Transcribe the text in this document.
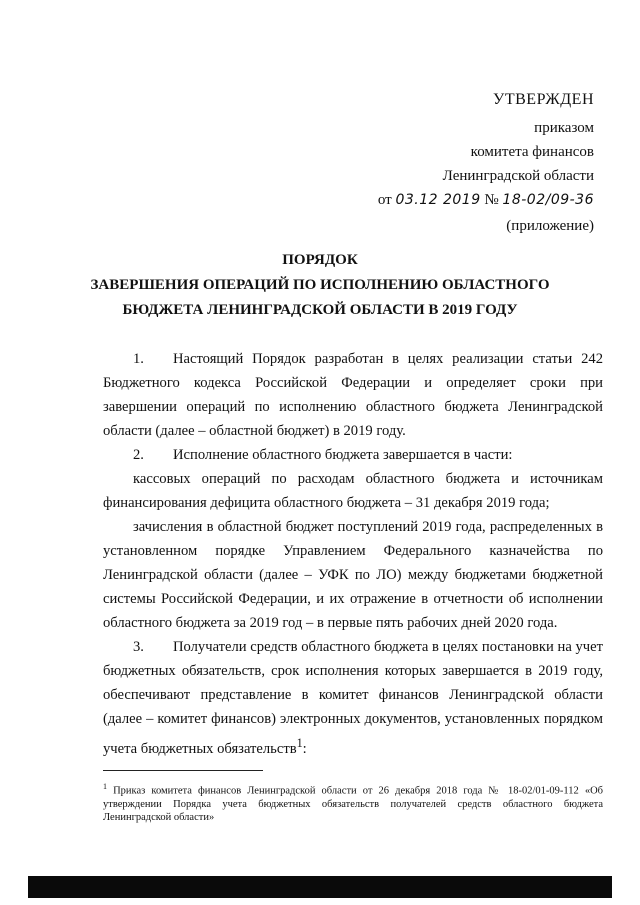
УТВЕРЖДЕН
приказом
комитета финансов
Ленинградской области
от 03.12 2019 № 18-02/09-36
(приложение)
ПОРЯДОК
ЗАВЕРШЕНИЯ ОПЕРАЦИЙ ПО ИСПОЛНЕНИЮ ОБЛАСТНОГО
БЮДЖЕТА ЛЕНИНГРАДСКОЙ ОБЛАСТИ В 2019 ГОДУ

1. Настоящий Порядок разработан в целях реализации статьи 242 Бюджетного кодекса Российской Федерации и определяет сроки при завершении операций по исполнению областного бюджета Ленинградской области (далее – областной бюджет) в 2019 году.

2. Исполнение областного бюджета завершается в части:

кассовых операций по расходам областного бюджета и источникам финансирования дефицита областного бюджета – 31 декабря 2019 года;

зачисления в областной бюджет поступлений 2019 года, распределенных в установленном порядке Управлением Федерального казначейства по Ленинградской области (далее – УФК по ЛО) между бюджетами бюджетной системы Российской Федерации, и их отражение в отчетности об исполнении областного бюджета за 2019 год – в первые пять рабочих дней 2020 года.

3. Получатели средств областного бюджета в целях постановки на учет бюджетных обязательств, срок исполнения которых завершается в 2019 году, обеспечивают представление в комитет финансов Ленинградской области (далее – комитет финансов) электронных документов, установленных порядком учета бюджетных обязательств$^1$:

$^1$ Приказ комитета финансов Ленинградской области от 26 декабря 2018 года № 18-02/01-09-112 «Об утверждении Порядка учета бюджетных обязательств получателей средств областного бюджета Ленинградской области»
